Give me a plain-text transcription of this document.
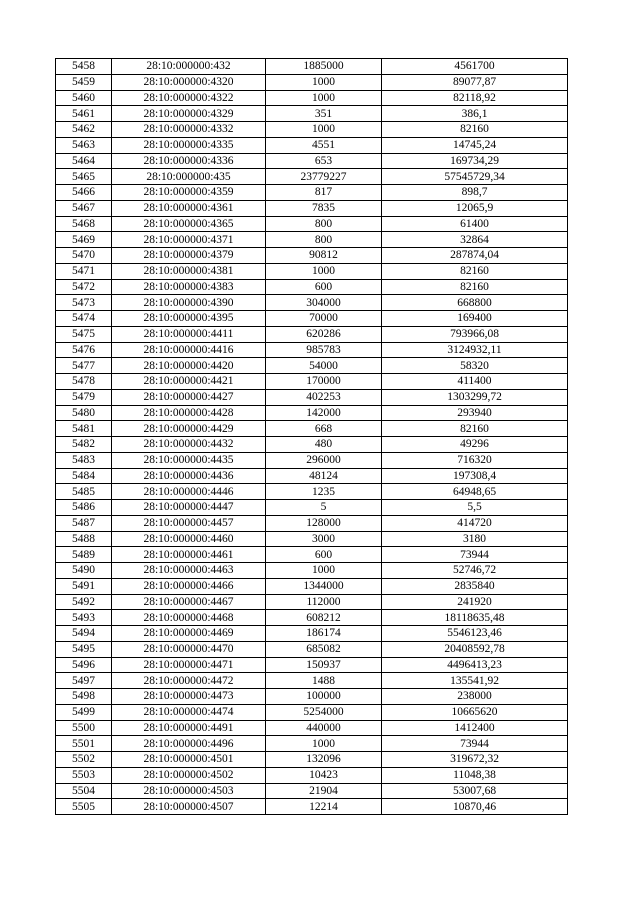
5458	28:10:000000:432	1885000	4561700
5459	28:10:000000:4320	1000	89077,87
5460	28:10:000000:4322	1000	82118,92
5461	28:10:000000:4329	351	386,1
5462	28:10:000000:4332	1000	82160
5463	28:10:000000:4335	4551	14745,24
5464	28:10:000000:4336	653	169734,29
5465	28:10:000000:435	23779227	57545729,34
5466	28:10:000000:4359	817	898,7
5467	28:10:000000:4361	7835	12065,9
5468	28:10:000000:4365	800	61400
5469	28:10:000000:4371	800	32864
5470	28:10:000000:4379	90812	287874,04
5471	28:10:000000:4381	1000	82160
5472	28:10:000000:4383	600	82160
5473	28:10:000000:4390	304000	668800
5474	28:10:000000:4395	70000	169400
5475	28:10:000000:4411	620286	793966,08
5476	28:10:000000:4416	985783	3124932,11
5477	28:10:000000:4420	54000	58320
5478	28:10:000000:4421	170000	411400
5479	28:10:000000:4427	402253	1303299,72
5480	28:10:000000:4428	142000	293940
5481	28:10:000000:4429	668	82160
5482	28:10:000000:4432	480	49296
5483	28:10:000000:4435	296000	716320
5484	28:10:000000:4436	48124	197308,4
5485	28:10:000000:4446	1235	64948,65
5486	28:10:000000:4447	5	5,5
5487	28:10:000000:4457	128000	414720
5488	28:10:000000:4460	3000	3180
5489	28:10:000000:4461	600	73944
5490	28:10:000000:4463	1000	52746,72
5491	28:10:000000:4466	1344000	2835840
5492	28:10:000000:4467	112000	241920
5493	28:10:000000:4468	608212	18118635,48
5494	28:10:000000:4469	186174	5546123,46
5495	28:10:000000:4470	685082	20408592,78
5496	28:10:000000:4471	150937	4496413,23
5497	28:10:000000:4472	1488	135541,92
5498	28:10:000000:4473	100000	238000
5499	28:10:000000:4474	5254000	10665620
5500	28:10:000000:4491	440000	1412400
5501	28:10:000000:4496	1000	73944
5502	28:10:000000:4501	132096	319672,32
5503	28:10:000000:4502	10423	11048,38
5504	28:10:000000:4503	21904	53007,68
5505	28:10:000000:4507	12214	10870,46
